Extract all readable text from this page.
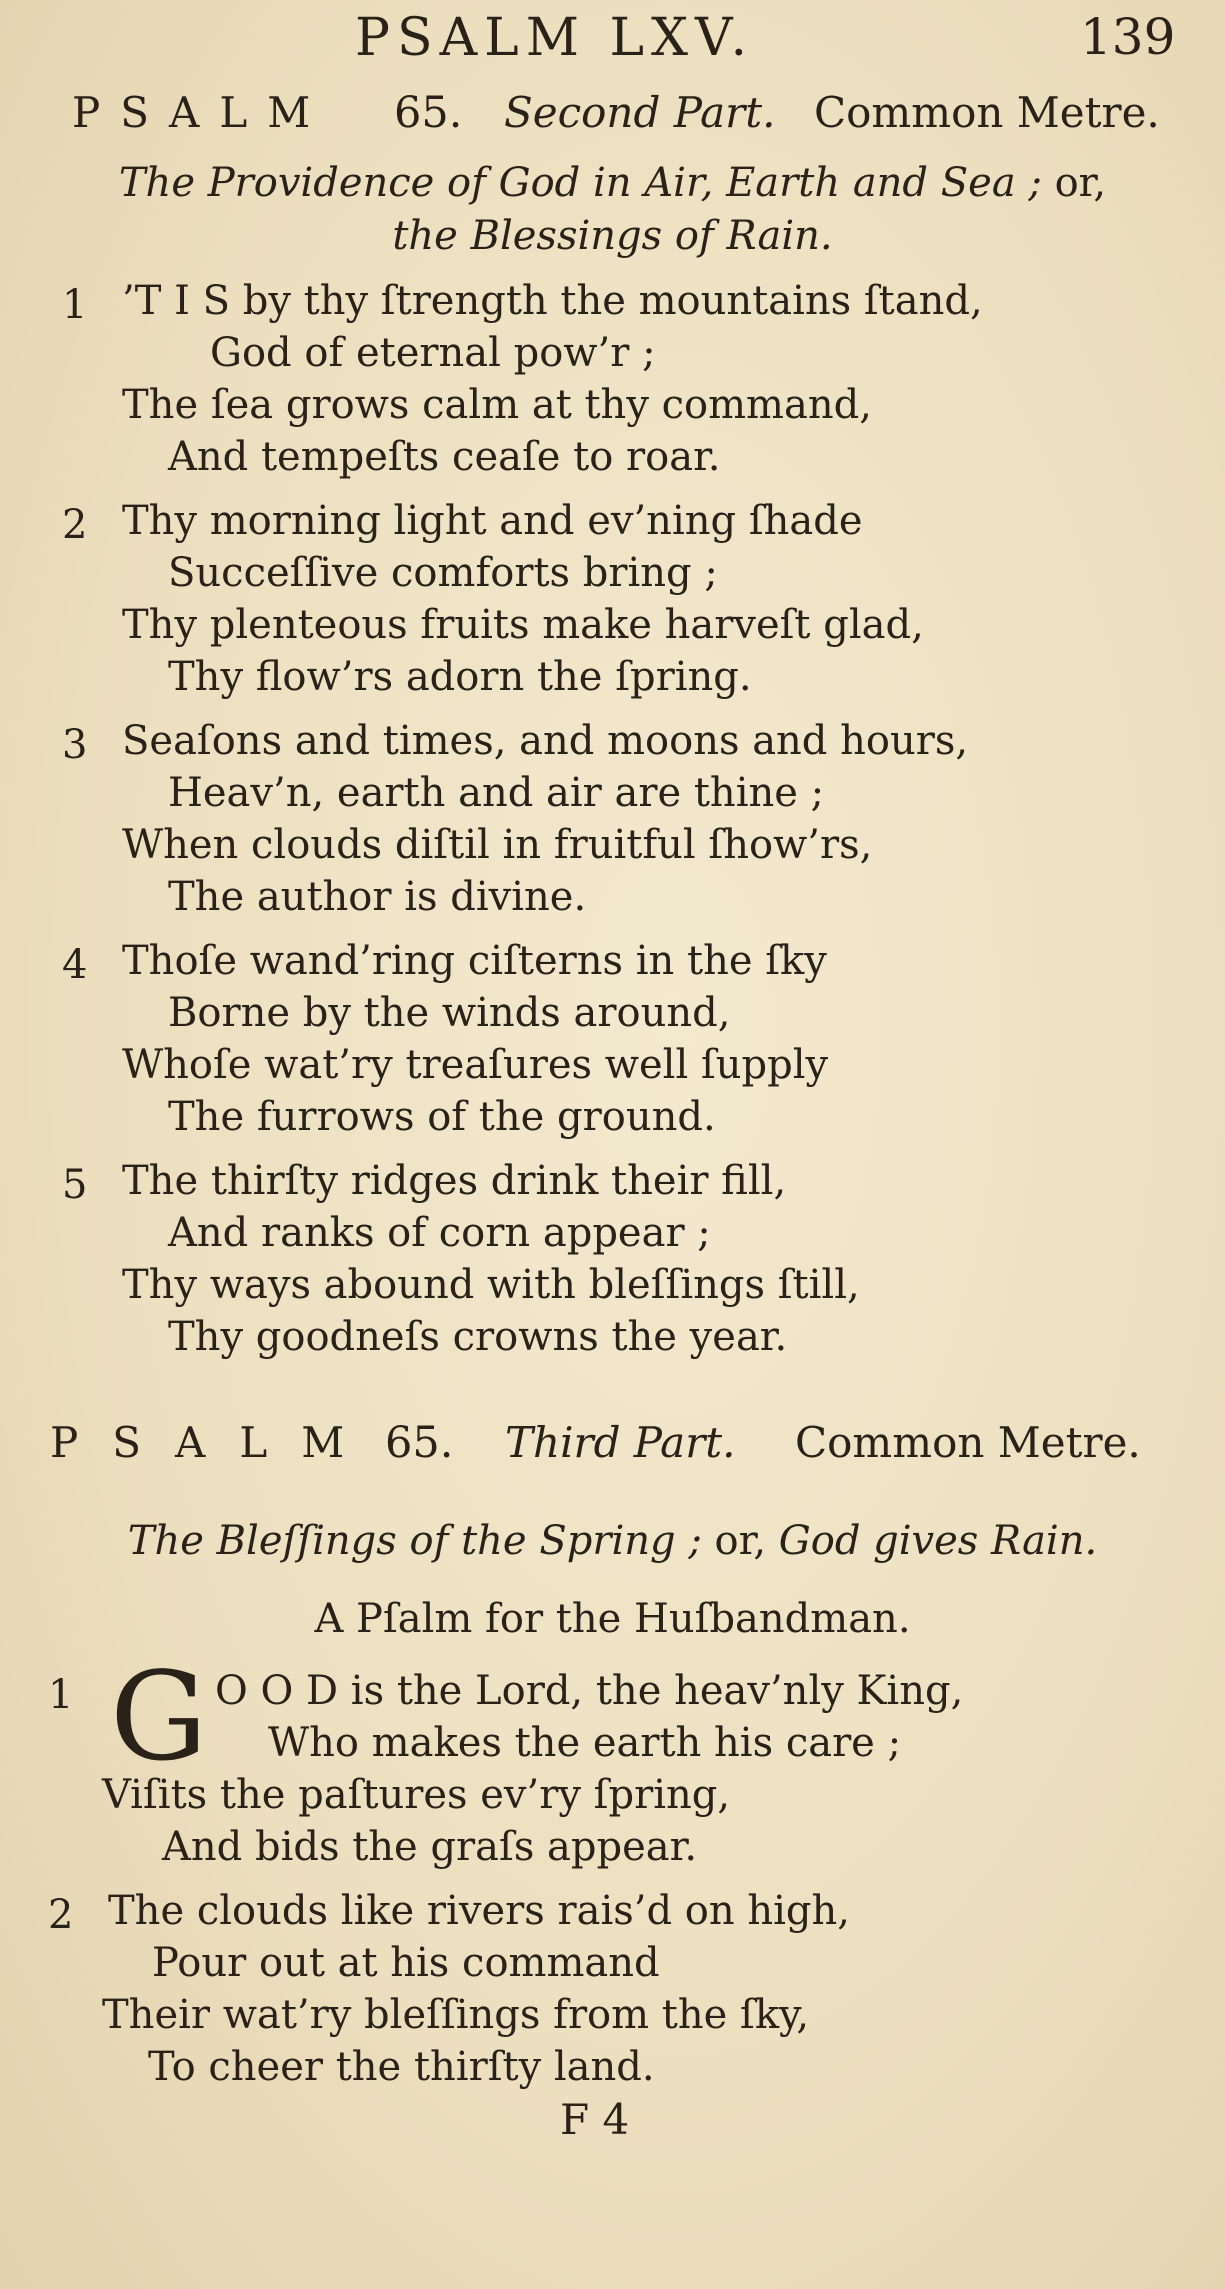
PSALM LXV.	139
PSALM 65. Second Part. Common Metre.
The Providence of God in Air, Earth and Sea ; or,
the Blessings of Rain.
1 ’T I S by thy ſtrength the mountains ſtand,
God of eternal pow’r ;
The ſea grows calm at thy command,
And tempeſts ceaſe to roar.
2 Thy morning light and ev’ning ſhade
Succeſſive comforts bring ;
Thy plenteous fruits make harveſt glad,
Thy flow’rs adorn the ſpring.
3 Seaſons and times, and moons and hours,
Heav’n, earth and air are thine ;
When clouds diſtil in fruitful ſhow’rs,
The author is divine.
4 Thoſe wand’ring ciſterns in the ſky
Borne by the winds around,
Whoſe wat’ry treaſures well ſupply
The furrows of the ground.
5 The thirſty ridges drink their fill,
And ranks of corn appear ;
Thy ways abound with bleſſings ſtill,
Thy goodneſs crowns the year.
PSALM 65. Third Part. Common Metre.
The Bleſſings of the Spring ; or, God gives Rain.
A Pſalm for the Huſbandman.
1 G O O D is the Lord, the heav’nly King,
Who makes the earth his care ;
Viſits the paſtures ev’ry ſpring,
And bids the graſs appear.
2 The clouds like rivers rais’d on high,
Pour out at his command
Their wat’ry bleſſings from the ſky,
To cheer the thirſty land.
F 4
